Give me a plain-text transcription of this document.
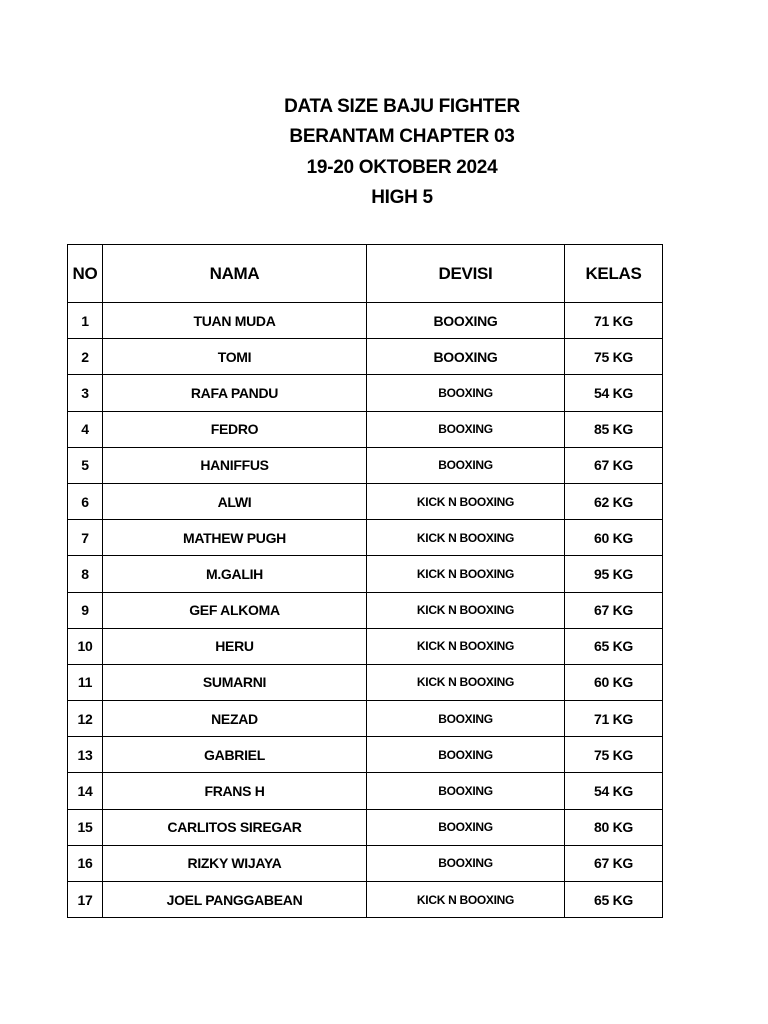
DATA SIZE BAJU FIGHTER
BERANTAM CHAPTER 03
19-20 OKTOBER 2024
HIGH 5
NO	NAMA	DEVISI	KELAS
1	TUAN MUDA	BOOXING	71 KG
2	TOMI	BOOXING	75 KG
3	RAFA PANDU	BOOXING	54 KG
4	FEDRO	BOOXING	85 KG
5	HANIFFUS	BOOXING	67 KG
6	ALWI	KICK N BOOXING	62 KG
7	MATHEW PUGH	KICK N BOOXING	60 KG
8	M.GALIH	KICK N BOOXING	95 KG
9	GEF ALKOMA	KICK N BOOXING	67 KG
10	HERU	KICK N BOOXING	65 KG
11	SUMARNI	KICK N BOOXING	60 KG
12	NEZAD	BOOXING	71 KG
13	GABRIEL	BOOXING	75 KG
14	FRANS H	BOOXING	54 KG
15	CARLITOS SIREGAR	BOOXING	80 KG
16	RIZKY WIJAYA	BOOXING	67 KG
17	JOEL PANGGABEAN	KICK N BOOXING	65 KG
